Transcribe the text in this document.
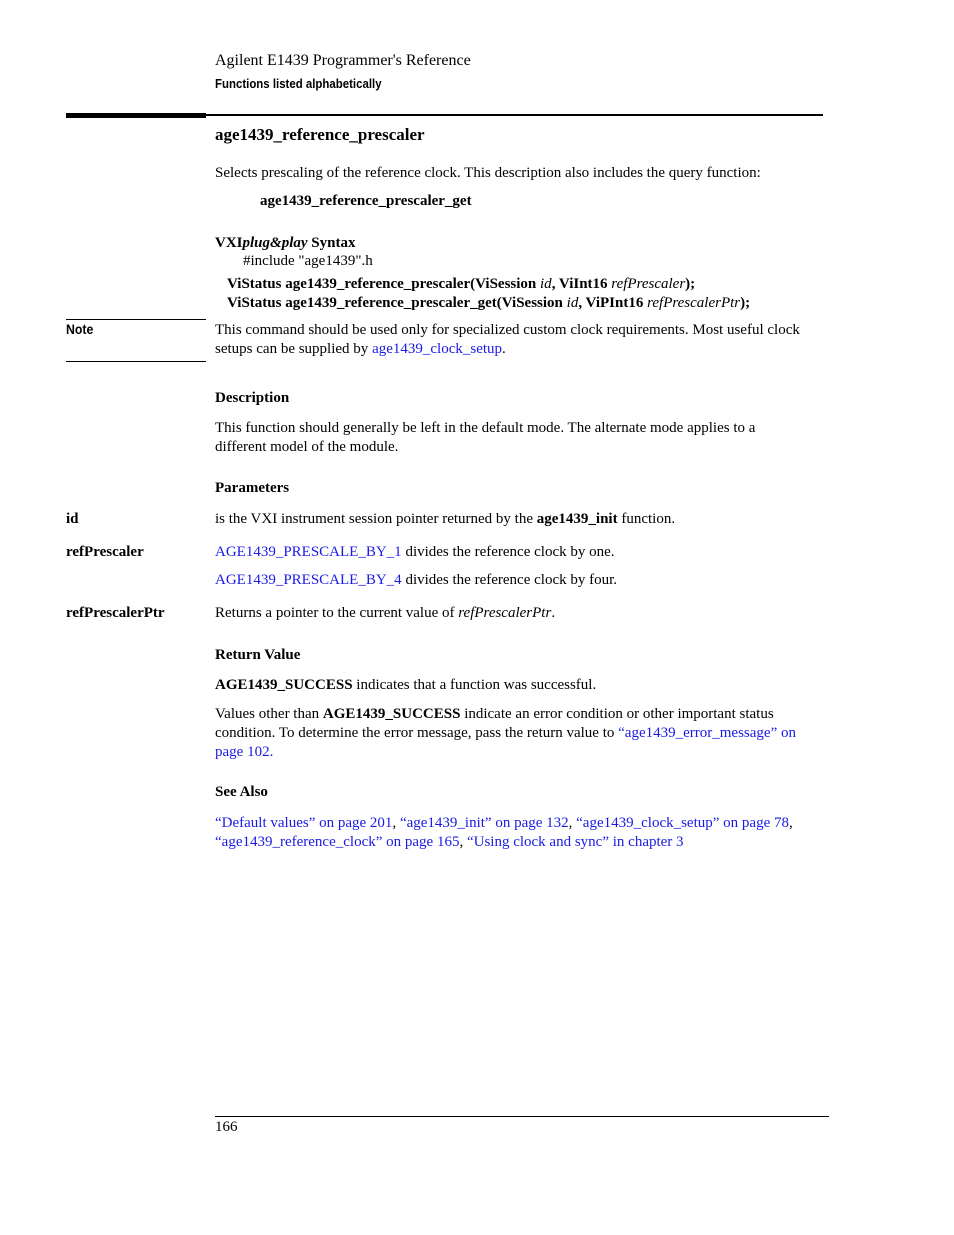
Agilent E1439 Programmer's Reference
Functions listed alphabetically
age1439_reference_prescaler
Selects prescaling of the reference clock. This description also includes the query function:
age1439_reference_prescaler_get
VXIplug&play Syntax
#include "age1439".h
ViStatus age1439_reference_prescaler(ViSession id, ViInt16 refPrescaler);
ViStatus age1439_reference_prescaler_get(ViSession id, ViPInt16 refPrescalerPtr);
Note	This command should be used only for specialized custom clock requirements. Most useful clock
setups can be supplied by age1439_clock_setup.
Description
This function should generally be left in the default mode. The alternate mode applies to a
different model of the module.
Parameters
id	is the VXI instrument session pointer returned by the age1439_init function.
refPrescaler	AGE1439_PRESCALE_BY_1 divides the reference clock by one.
AGE1439_PRESCALE_BY_4 divides the reference clock by four.
refPrescalerPtr	Returns a pointer to the current value of refPrescalerPtr.
Return Value
AGE1439_SUCCESS indicates that a function was successful.
Values other than AGE1439_SUCCESS indicate an error condition or other important status
condition. To determine the error message, pass the return value to “age1439_error_message” on
page 102.
See Also
“Default values” on page 201, “age1439_init” on page 132, “age1439_clock_setup” on page 78,
“age1439_reference_clock” on page 165, “Using clock and sync” in chapter 3
166
